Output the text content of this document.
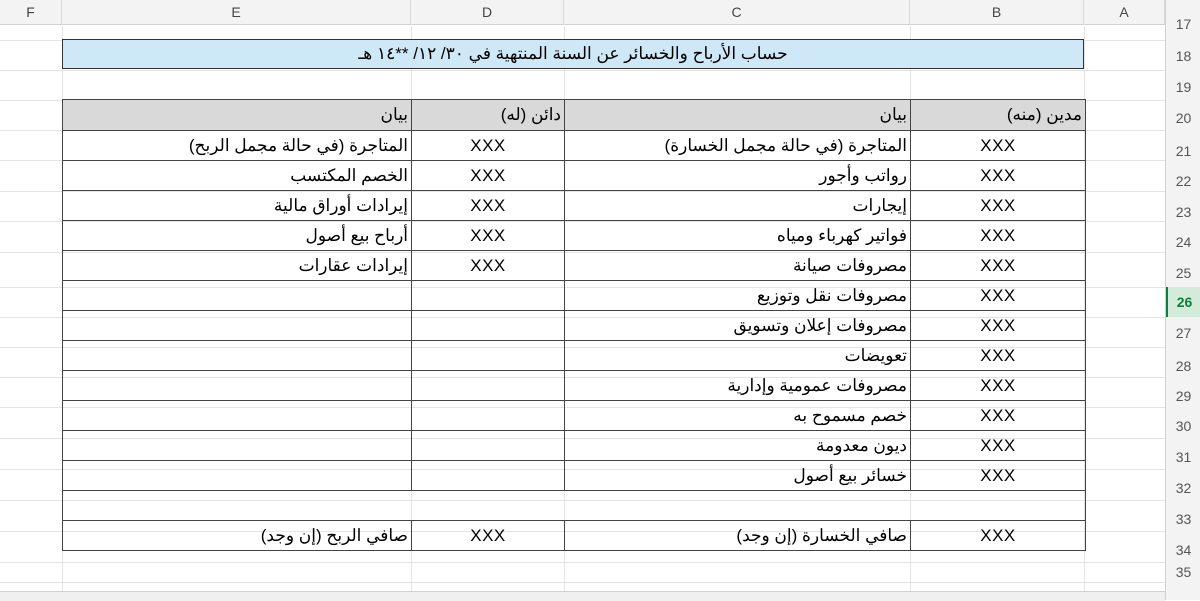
F	E	D	C	B	A
17
18
19
20
21
22
23
24
25
26
27
28
29
30
31
32
33
34
35
حساب الأرباح والخسائر عن السنة المنتهية في ٣٠/ ١٢/ **١٤ هـ
بيان	دائن (له)	بيان	مدين (منه)
المتاجرة (في حالة مجمل الربح)	XXX	المتاجرة (في حالة مجمل الخسارة)	XXX
الخصم المكتسب	XXX	رواتب وأجور	XXX
إيرادات أوراق مالية	XXX	إيجارات	XXX
أرباح بيع أصول	XXX	فواتير كهرباء ومياه	XXX
إيرادات عقارات	XXX	مصروفات صيانة	XXX
		مصروفات نقل وتوزيع	XXX
		مصروفات إعلان وتسويق	XXX
		تعويضات	XXX
		مصروفات عمومية وإدارية	XXX
		خصم مسموح به	XXX
		ديون معدومة	XXX
		خسائر بيع أصول	XXX

صافي الربح (إن وجد)	XXX	صافي الخسارة (إن وجد)	XXX
